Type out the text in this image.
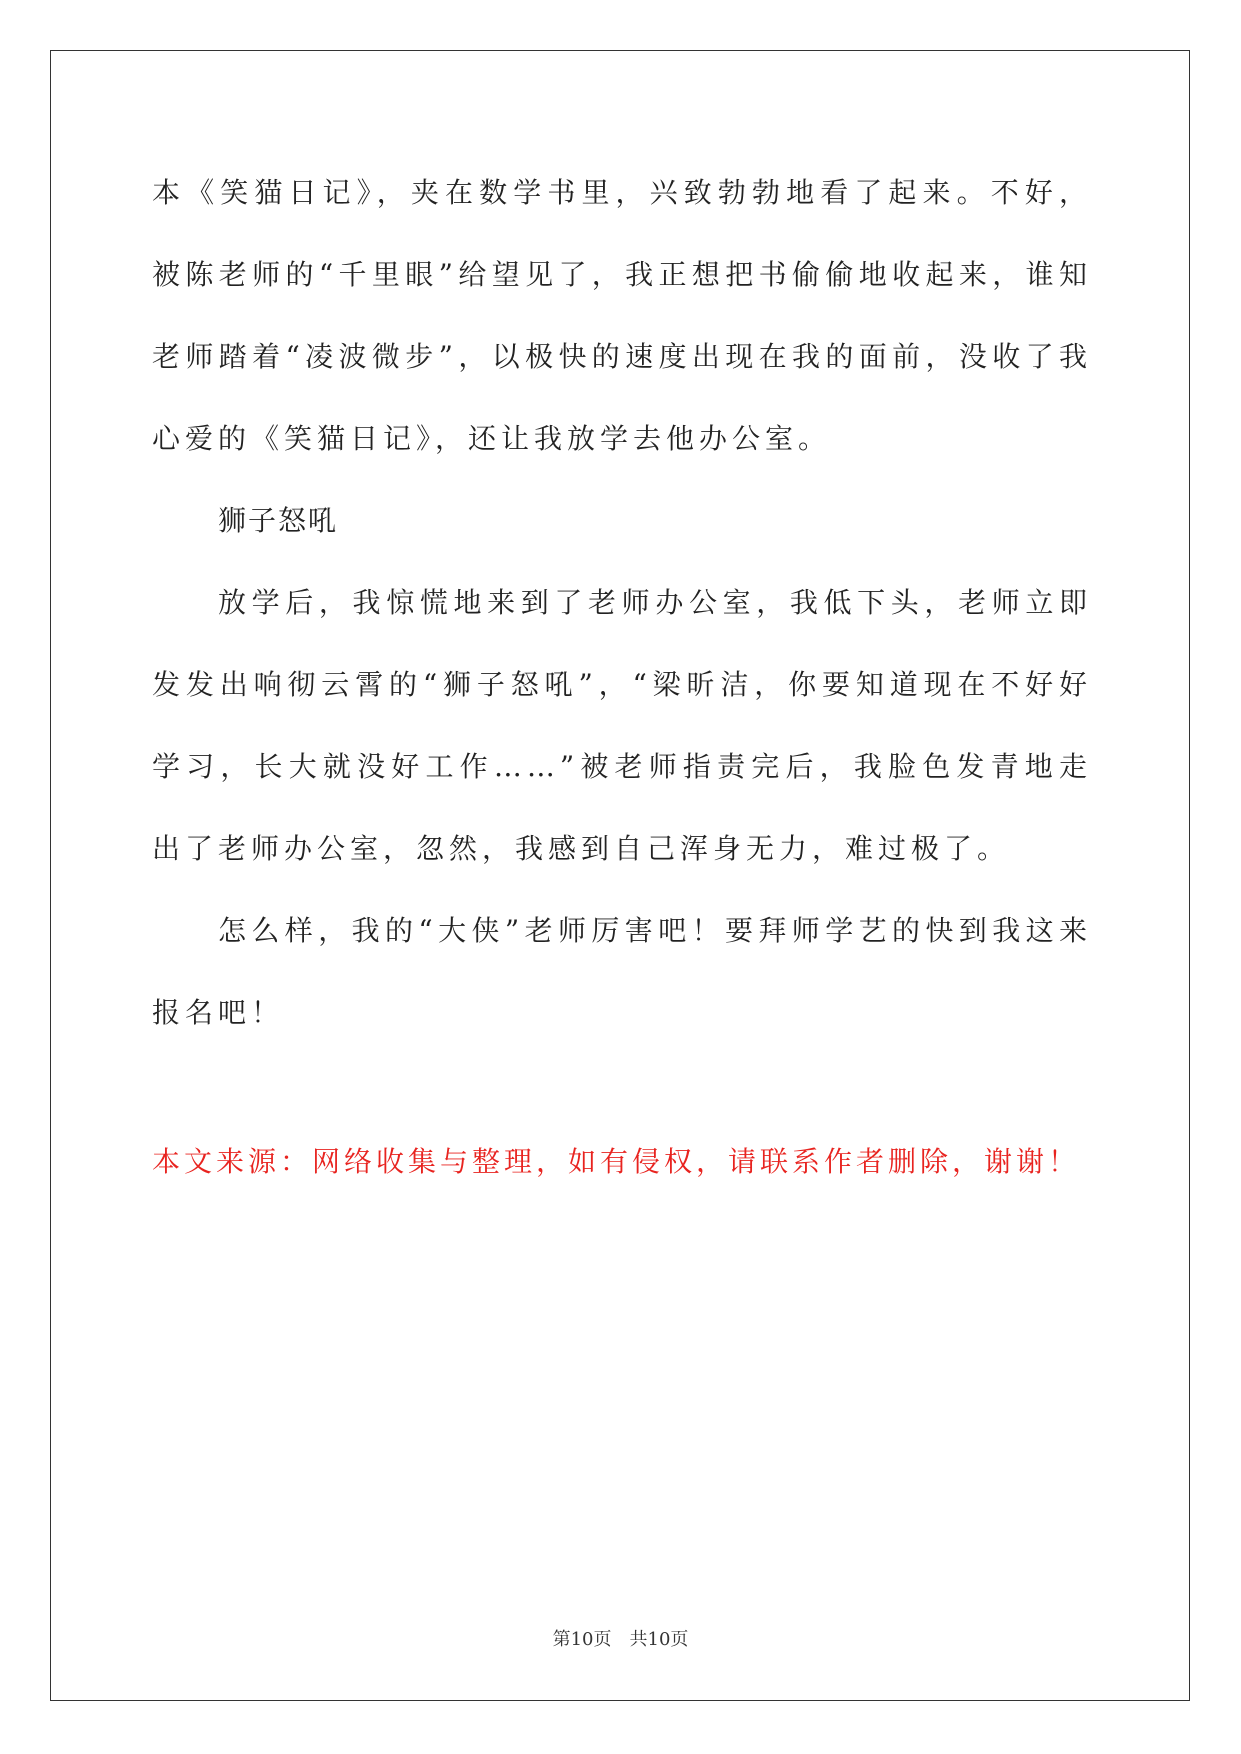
本《笑猫日记》，夹在数学书里，兴致勃勃地看了起来。不好，被陈老师的“千里眼”给望见了，我正想把书偷偷地收起来，谁知老师踏着“凌波微步”，以极快的速度出现在我的面前，没收了我心爱的《笑猫日记》，还让我放学去他办公室。

狮子怒吼

放学后，我惊慌地来到了老师办公室，我低下头，老师立即发发出响彻云霄的“狮子怒吼”，“梁昕洁，你要知道现在不好好学习，长大就没好工作……”被老师指责完后，我脸色发青地走出了老师办公室，忽然，我感到自己浑身无力，难过极了。

怎么样，我的“大侠”老师厉害吧！要拜师学艺的快到我这来报名吧！

本文来源：网络收集与整理，如有侵权，请联系作者删除，谢谢！
第10页 共10页
